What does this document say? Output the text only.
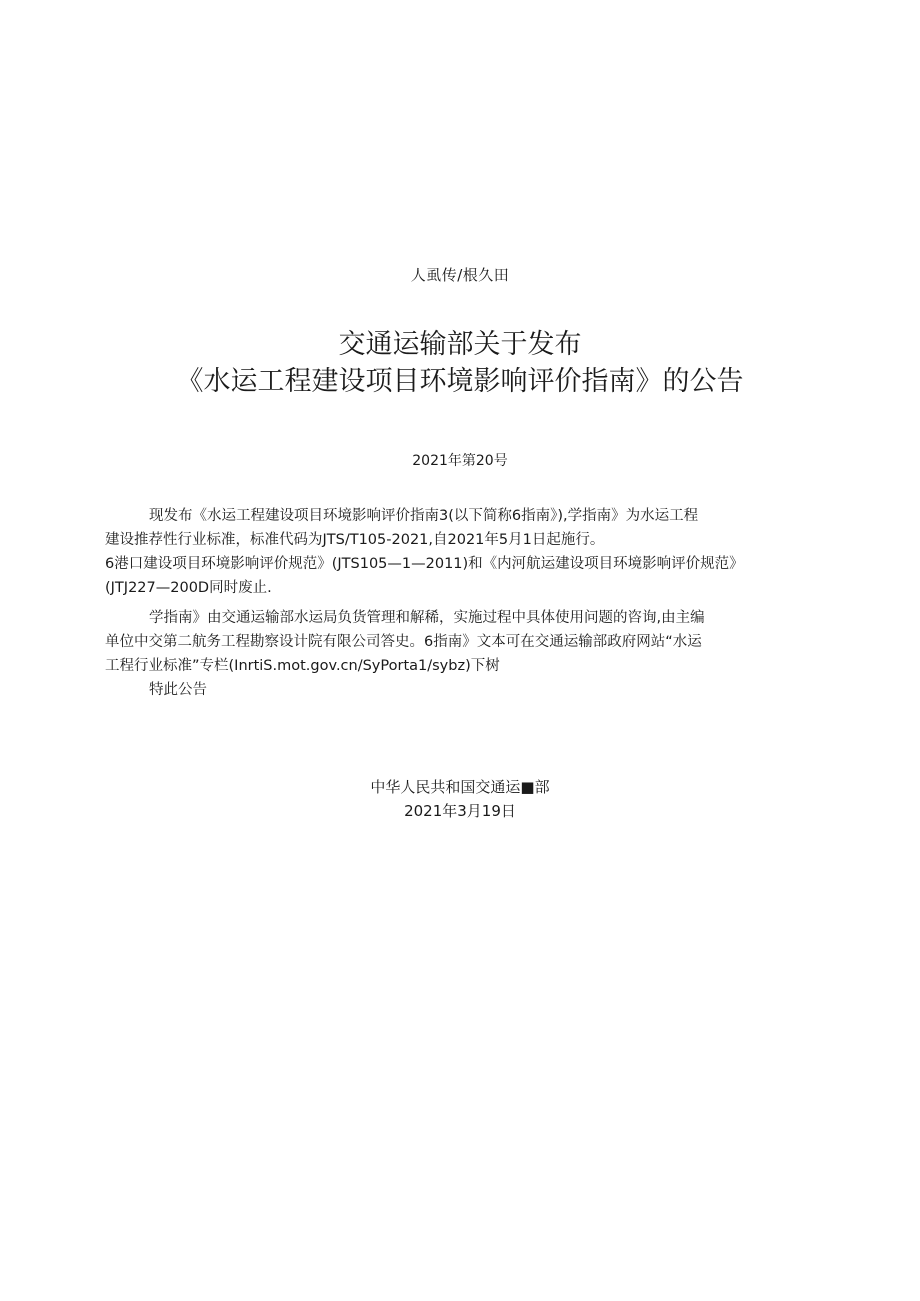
人虱传/根久田
交通运输部关于发布
《水运工程建设项目环境影响评价指南》的公告
2021年第20号

现发布《水运工程建设项目环境影响评价指南3(以下简称6指南》),学指南》为水运工程

建设推荐性行业标准，标准代码为JTS/T105-2021,自2021年5月1日起施行。

6港口建设项目环境影响评价规范》(JTS105—1—2011)和《内河航运建设项目环境影响评价规范》

(JTJ227—200D同时废止.

学指南》由交通运输部水运局负货管理和解稀，实施过程中具体使用问题的咨询,由主编

单位中交第二航务工程勘察设计院有限公司答史。6指南》文本可在交通运输部政府网站“水运

工程行业标准”专栏(InrtiS.mot.gov.cn∕SyPorta1∕sybz)下树

特此公告

中华人民共和国交通运■部
2021年3月19日
